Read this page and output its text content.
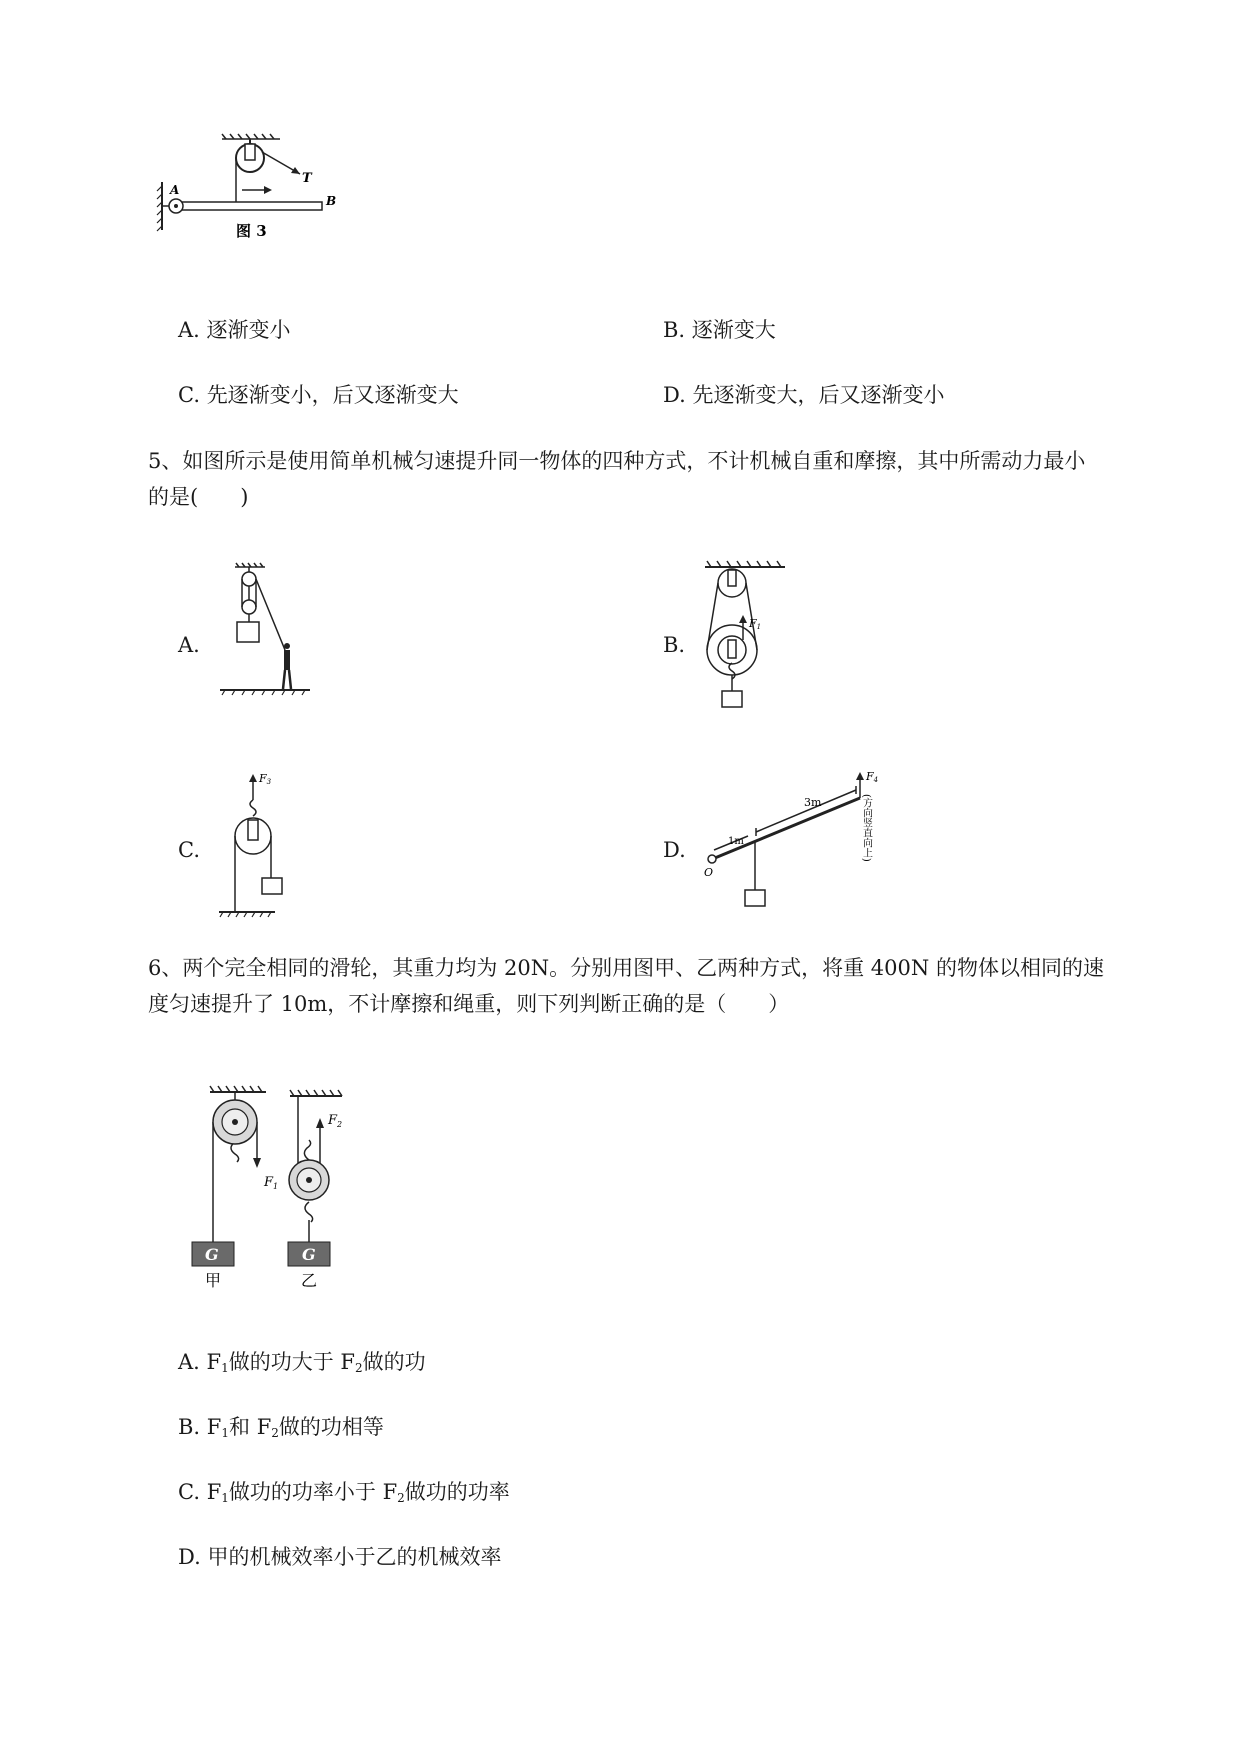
T
A
B
图 3
A. 逐渐变小	B. 逐渐变大
C. 先逐渐变小，后又逐渐变大	D. 先逐渐变大，后又逐渐变小
5、如图所示是使用简单机械匀速提升同一物体的四种方式，不计机械自重和摩擦，其中所需动力最小
的是(　　)
A.	B.
C.	D.
F1
F3
3m
1m
O
F4
(方向竖直向上)
6、两个完全相同的滑轮，其重力均为 20N。分别用图甲、乙两种方式，将重 400N 的物体以相同的速
度匀速提升了 10m，不计摩擦和绳重，则下列判断正确的是（　　）
$F_1$
G
甲
$F_2$
G
乙
A. $F_1$做的功大于 $F_2$做的功
B. $F_1$和 $F_2$做的功相等
C. $F_1$做功的功率小于 $F_2$做功的功率
D. 甲的机械效率小于乙的机械效率
